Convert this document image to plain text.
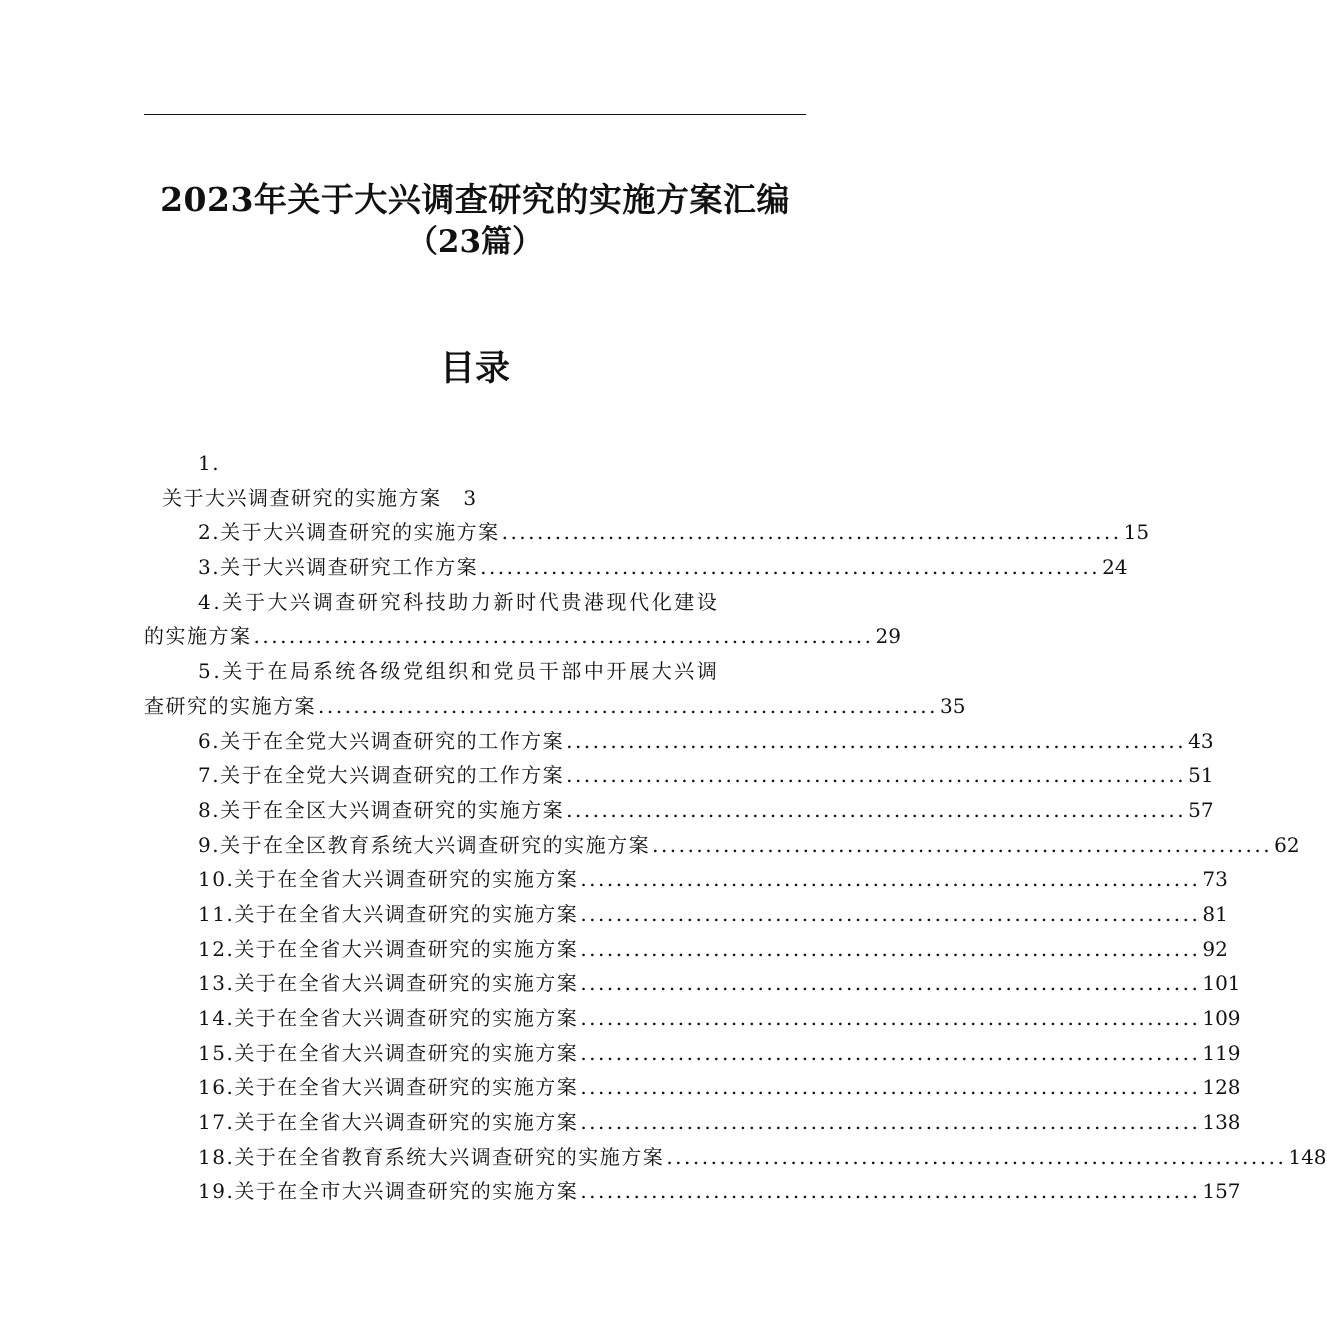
2023年关于大兴调查研究的实施方案汇编
（23篇）
目录
1.
关于大兴调查研究的实施方案 3
2.关于大兴调查研究的实施方案 ...................................................................... 15
3.关于大兴调查研究工作方案 ...................................................................... 24
4.关于大兴调查研究科技助力新时代贵港现代化建设
的实施方案 ...................................................................... 29
5.关于在局系统各级党组织和党员干部中开展大兴调
查研究的实施方案 ...................................................................... 35
6.关于在全党大兴调查研究的工作方案 ...................................................................... 43
7.关于在全党大兴调查研究的工作方案 ...................................................................... 51
8.关于在全区大兴调查研究的实施方案 ...................................................................... 57
9.关于在全区教育系统大兴调查研究的实施方案 ...................................................................... 62
10.关于在全省大兴调查研究的实施方案 ...................................................................... 73
11.关于在全省大兴调查研究的实施方案 ...................................................................... 81
12.关于在全省大兴调查研究的实施方案 ...................................................................... 92
13.关于在全省大兴调查研究的实施方案 ...................................................................... 101
14.关于在全省大兴调查研究的实施方案 ...................................................................... 109
15.关于在全省大兴调查研究的实施方案 ...................................................................... 119
16.关于在全省大兴调查研究的实施方案 ...................................................................... 128
17.关于在全省大兴调查研究的实施方案 ...................................................................... 138
18.关于在全省教育系统大兴调查研究的实施方案 ...................................................................... 148
19.关于在全市大兴调查研究的实施方案 ...................................................................... 157
